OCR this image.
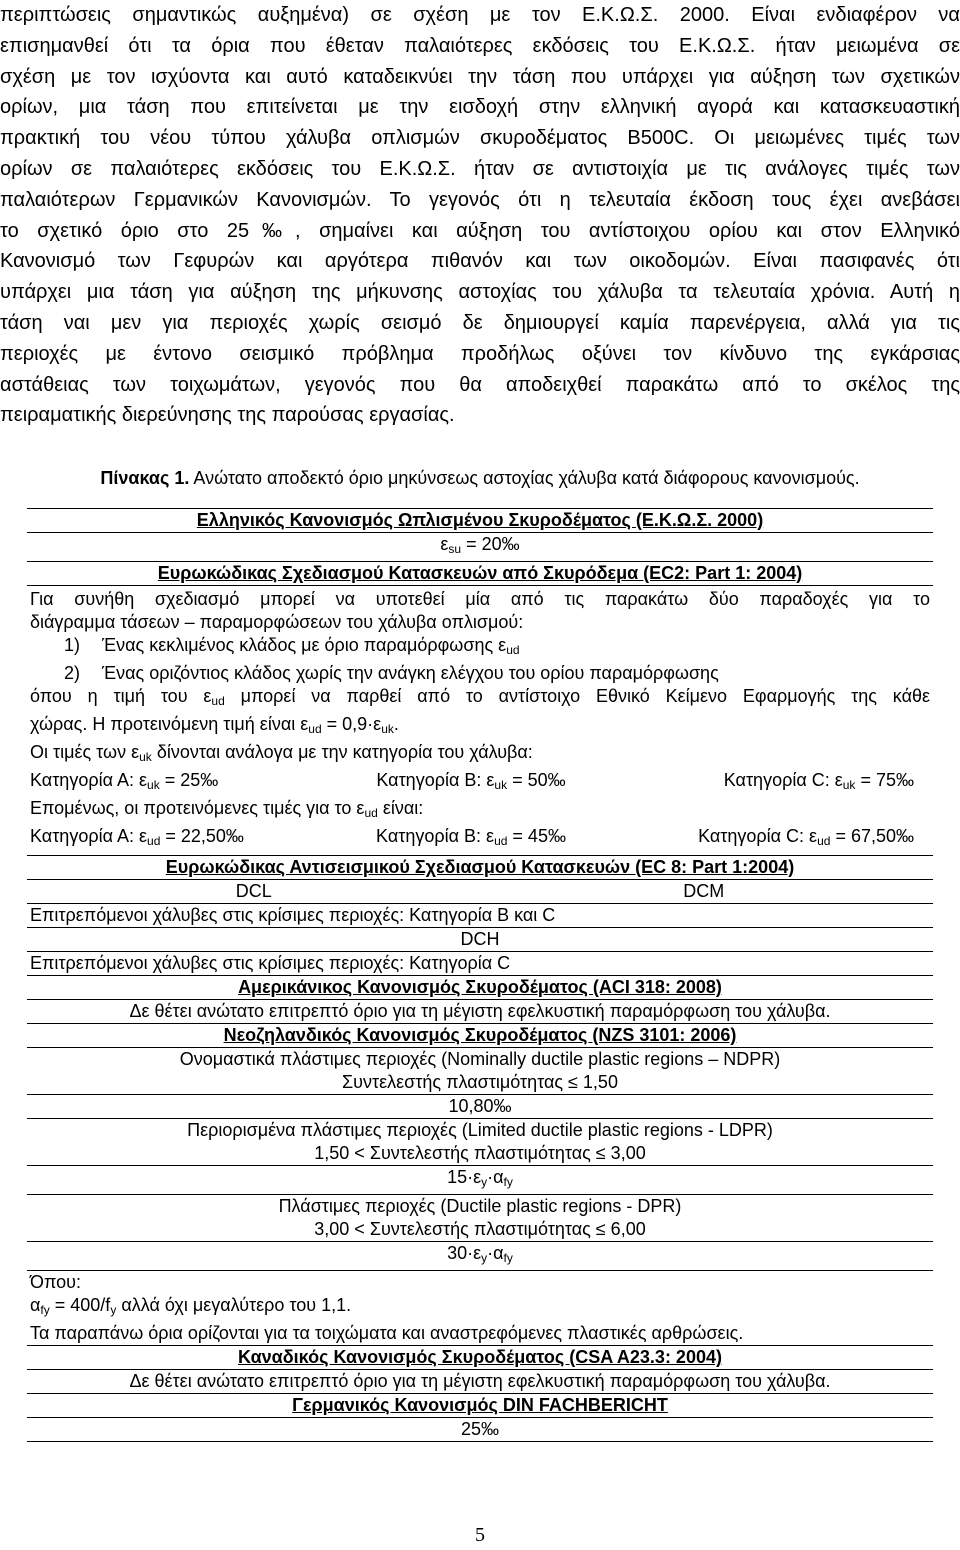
περιπτώσεις σημαντικώς αυξημένα) σε σχέση με τον Ε.Κ.Ω.Σ. 2000. Είναι ενδιαφέρον να
επισημανθεί ότι τα όρια που έθεταν παλαιότερες εκδόσεις του Ε.Κ.Ω.Σ. ήταν μειωμένα σε
σχέση με τον ισχύοντα και αυτό καταδεικνύει την τάση που υπάρχει για αύξηση των σχετικών
ορίων, μια τάση που επιτείνεται με την εισδοχή στην ελληνική αγορά και κατασκευαστική
πρακτική του νέου τύπου χάλυβα οπλισμών σκυροδέματος B500C. Οι μειωμένες τιμές των
ορίων σε παλαιότερες εκδόσεις του Ε.Κ.Ω.Σ. ήταν σε αντιστοιχία με τις ανάλογες τιμές των
παλαιότερων Γερμανικών Κανονισμών. Το γεγονός ότι η τελευταία έκδοση τους έχει ανεβάσει
το σχετικό όριο στο 25‰, σημαίνει και αύξηση του αντίστοιχου ορίου και στον Ελληνικό
Κανονισμό των Γεφυρών και αργότερα πιθανόν και των οικοδομών. Είναι πασιφανές ότι
υπάρχει μια τάση για αύξηση της μήκυνσης αστοχίας του χάλυβα τα τελευταία χρόνια. Αυτή η
τάση ναι μεν για περιοχές χωρίς σεισμό δε δημιουργεί καμία παρενέργεια, αλλά για τις
περιοχές με έντονο σεισμικό πρόβλημα προδήλως οξύνει τον κίνδυνο της εγκάρσιας
αστάθειας των τοιχωμάτων, γεγονός που θα αποδειχθεί παρακάτω από το σκέλος της
πειραματικής διερεύνησης της παρούσας εργασίας.
Πίνακας 1. Ανώτατο αποδεκτό όριο μηκύνσεως αστοχίας χάλυβα κατά διάφορους κανονισμούς.
Ελληνικός Κανονισμός Ωπλισμένου Σκυροδέματος (Ε.Κ.Ω.Σ. 2000)
$\varepsilon_{su}$ = 20‰
Ευρωκώδικας Σχεδιασμού Κατασκευών από Σκυρόδεμα (EC2: Part 1: 2004)

Για συνήθη σχεδιασμό μπορεί να υποτεθεί μία από τις παρακάτω δύο παραδοχές για το
διάγραμμα τάσεων – παραμορφώσεων του χάλυβα οπλισμού:
1) Ένας κεκλιμένος κλάδος με όριο παραμόρφωσης $\varepsilon_{ud}$
2) Ένας οριζόντιος κλάδος χωρίς την ανάγκη ελέγχου του ορίου παραμόρφωσης
όπου η τιμή του $\varepsilon_{ud}$ μπορεί να παρθεί από το αντίστοιχο Εθνικό Κείμενο Εφαρμογής της κάθε
χώρας. Η προτεινόμενη τιμή είναι $\varepsilon_{ud} = 0,9\cdot\varepsilon_{uk}$.
Οι τιμές των $\varepsilon_{uk}$ δίνονται ανάλογα με την κατηγορία του χάλυβα:
Κατηγορία Α: $\varepsilon_{uk}$ = 25‰	Κατηγορία Β: $\varepsilon_{uk}$ = 50‰	Κατηγορία C: $\varepsilon_{uk}$ = 75‰
Επομένως, οι προτεινόμενες τιμές για το $\varepsilon_{ud}$ είναι:
Κατηγορία Α: $\varepsilon_{ud}$ = 22,50‰	Κατηγορία Β: $\varepsilon_{ud}$ = 45‰	Κατηγορία C: $\varepsilon_{ud}$ = 67,50‰

Ευρωκώδικας Αντισεισμικού Σχεδιασμού Κατασκευών (EC 8: Part 1:2004)

DCL	DCM

Επιτρεπόμενοι χάλυβες στις κρίσιμες περιοχές: Κατηγορία Β και C
DCH
Επιτρεπόμενοι χάλυβες στις κρίσιμες περιοχές: Κατηγορία C
Αμερικάνικος Κανονισμός Σκυροδέματος (ACI 318: 2008)
Δε θέτει ανώτατο επιτρεπτό όριο για τη μέγιστη εφελκυστική παραμόρφωση του χάλυβα.
Νεοζηλανδικός Κανονισμός Σκυροδέματος (NZS 3101: 2006)

Ονομαστικά πλάστιμες περιοχές (Nominally ductile plastic regions – NDPR)
Συντελεστής πλαστιμότητας ≤ 1,50

10,80‰

Περιορισμένα πλάστιμες περιοχές (Limited ductile plastic regions - LDPR)
1,50 < Συντελεστής πλαστιμότητας ≤ 3,00

$15\cdot\varepsilon_y\cdot\alpha_{fy}$

Πλάστιμες περιοχές (Ductile plastic regions - DPR)
3,00 < Συντελεστής πλαστιμότητας ≤ 6,00

$30\cdot\varepsilon_y\cdot\alpha_{fy}$

Όπου:
$\alpha_{fy} = 400/f_y$ αλλά όχι μεγαλύτερο του 1,1.
Τα παραπάνω όρια ορίζονται για τα τοιχώματα και αναστρεφόμενες πλαστικές αρθρώσεις.

Καναδικός Κανονισμός Σκυροδέματος (CSA A23.3: 2004)
Δε θέτει ανώτατο επιτρεπτό όριο για τη μέγιστη εφελκυστική παραμόρφωση του χάλυβα.
Γερμανικός Κανονισμός DIN FACHBERICHT
25‰
5
